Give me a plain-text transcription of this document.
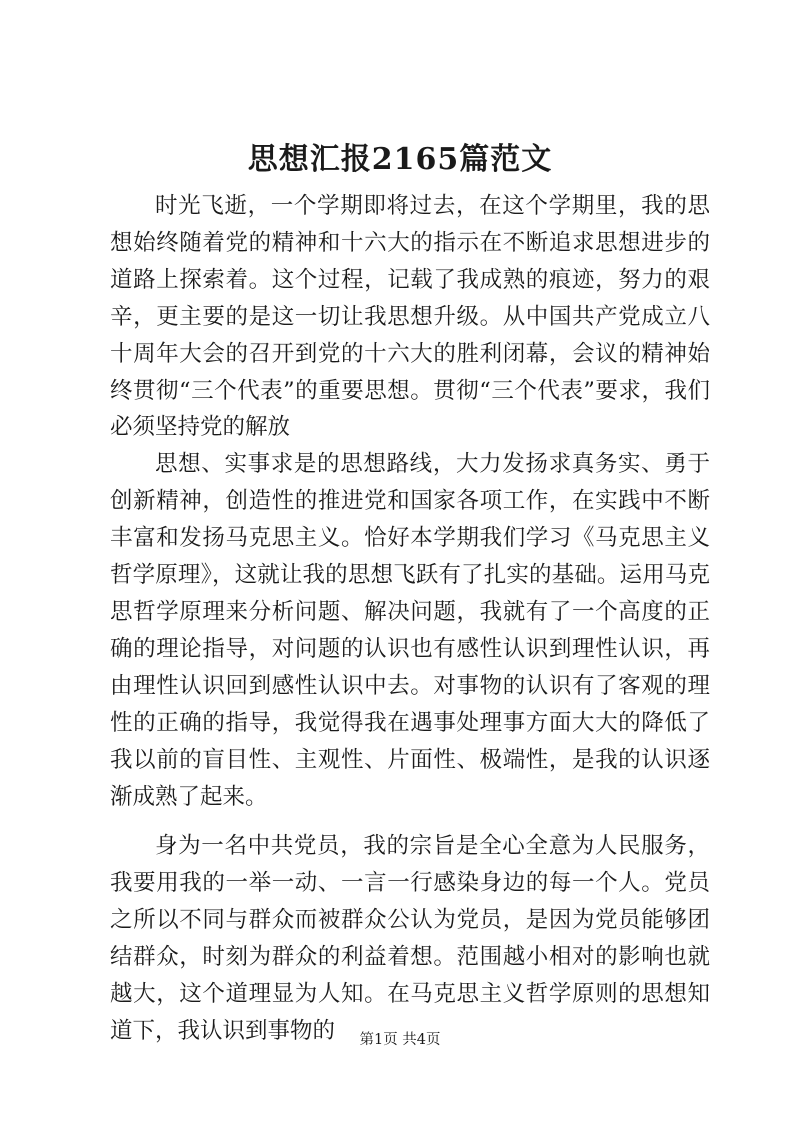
思想汇报2165篇范文

时光飞逝，一个学期即将过去，在这个学期里，我的思想始终随着党的精神和十六大的指示在不断追求思想进步的道路上探索着。这个过程，记载了我成熟的痕迹，努力的艰辛，更主要的是这一切让我思想升级。从中国共产党成立八十周年大会的召开到党的十六大的胜利闭幕，会议的精神始终贯彻“三个代表”的重要思想。贯彻“三个代表”要求，我们必须坚持党的解放

思想、实事求是的思想路线，大力发扬求真务实、勇于创新精神，创造性的推进党和国家各项工作，在实践中不断丰富和发扬马克思主义。恰好本学期我们学习《马克思主义哲学原理》，这就让我的思想飞跃有了扎实的基础。运用马克思哲学原理来分析问题、解决问题，我就有了一个高度的正确的理论指导，对问题的认识也有感性认识到理性认识，再由理性认识回到感性认识中去。对事物的认识有了客观的理性的正确的指导，我觉得我在遇事处理事方面大大的降低了我以前的盲目性、主观性、片面性、极端性，是我的认识逐渐成熟了起来。

身为一名中共党员，我的宗旨是全心全意为人民服务，我要用我的一举一动、一言一行感染身边的每一个人。党员之所以不同与群众而被群众公认为党员，是因为党员能够团结群众，时刻为群众的利益着想。范围越小相对的影响也就越大，这个道理显为人知。在马克思主义哲学原则的思想知道下，我认识到事物的	第1页 共4页
